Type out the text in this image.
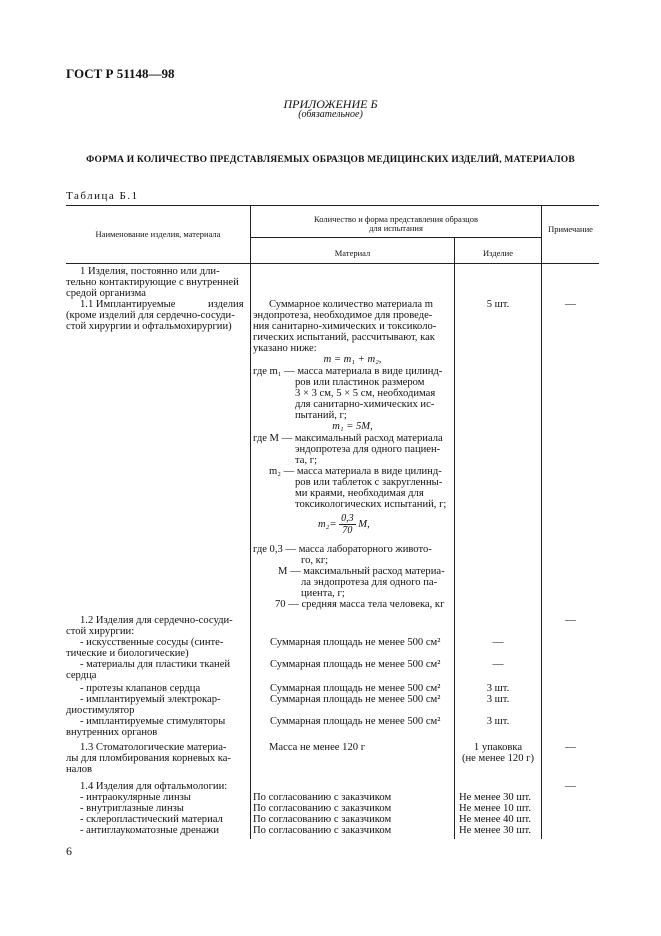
ГОСТ Р 51148—98
ПРИЛОЖЕНИЕ Б
(обязательное)
ФОРМА И КОЛИЧЕСТВО ПРЕДСТАВЛЯЕМЫХ ОБРАЗЦОВ МЕДИЦИНСКИХ ИЗДЕЛИЙ, МАТЕРИАЛОВ
Таблица Б.1
Наименование изделия, материала
Количество и форма представления образцов
для испытания
Материал	Изделие
Примечание
1 Изделия, постоянно или дли-
тельно контактирующие с внутренней
средой организма
1.1 Имплантируемые	изделия
(кроме изделий для сердечно-сосуди-
стой хирургии и офтальмохирургии)
1.2 Изделия для сердечно-сосуди-
стой хирургии:
- искусственные сосуды (синте-
тические и биологические)
- материалы для пластики тканей
сердца
- протезы клапанов сердца
- имплантируемый электрокар-
диостимулятор
- имплантируемые стимуляторы
внутренних органов
1.3 Стоматологические материа-
лы для пломбирования корневых ка-
налов
1.4 Изделия для офтальмологии:
- интраокулярные линзы
- внутриглазные линзы
- склеропластический материал
- антиглаукоматозные дренажи
Суммарное количество материала m
эндопротеза, необходимое для проведе-
ния санитарно-химических и токсиколо-
гических испытаний, рассчитывают, как
указано ниже:
m = m₁ + m₂,
где m₁ — масса материала в виде цилинд-
ров или пластинок размером
3 × 3 см, 5 × 5 см, необходимая
для санитарно-химических ис-
пытаний, г;
m₁ = 5M,
где M — максимальный расход материала
эндопротеза для одного пациен-
та, г;
m₂ — масса материала в виде цилинд-
ров или таблеток с закругленны-
ми краями, необходимая для
токсикологических испытаний, г;
$m_2= \frac{0,3}{70} M$,
где 0,3 — масса лабораторного живото-
го, кг;
M — максимальный расход материа-
ла эндопротеза для одного па-
циента, г;
70 — средняя масса тела человека, кг
Суммарная площадь не менее 500 см²
Суммарная площадь не менее 500 см²
Суммарная площадь не менее 500 см²
Суммарная площадь не менее 500 см²
Суммарная площадь не менее 500 см²
Масса не менее 120 г
По согласованию с заказчиком
По согласованию с заказчиком
По согласованию с заказчиком
По согласованию с заказчиком
5 шт.
—
—
3 шт.
3 шт.
3 шт.
1 упаковка
(не менее 120 г)
Не менее 30 шт.
Не менее 10 шт.
Не менее 40 шт.
Не менее 30 шт.
—
—
—
—
6
